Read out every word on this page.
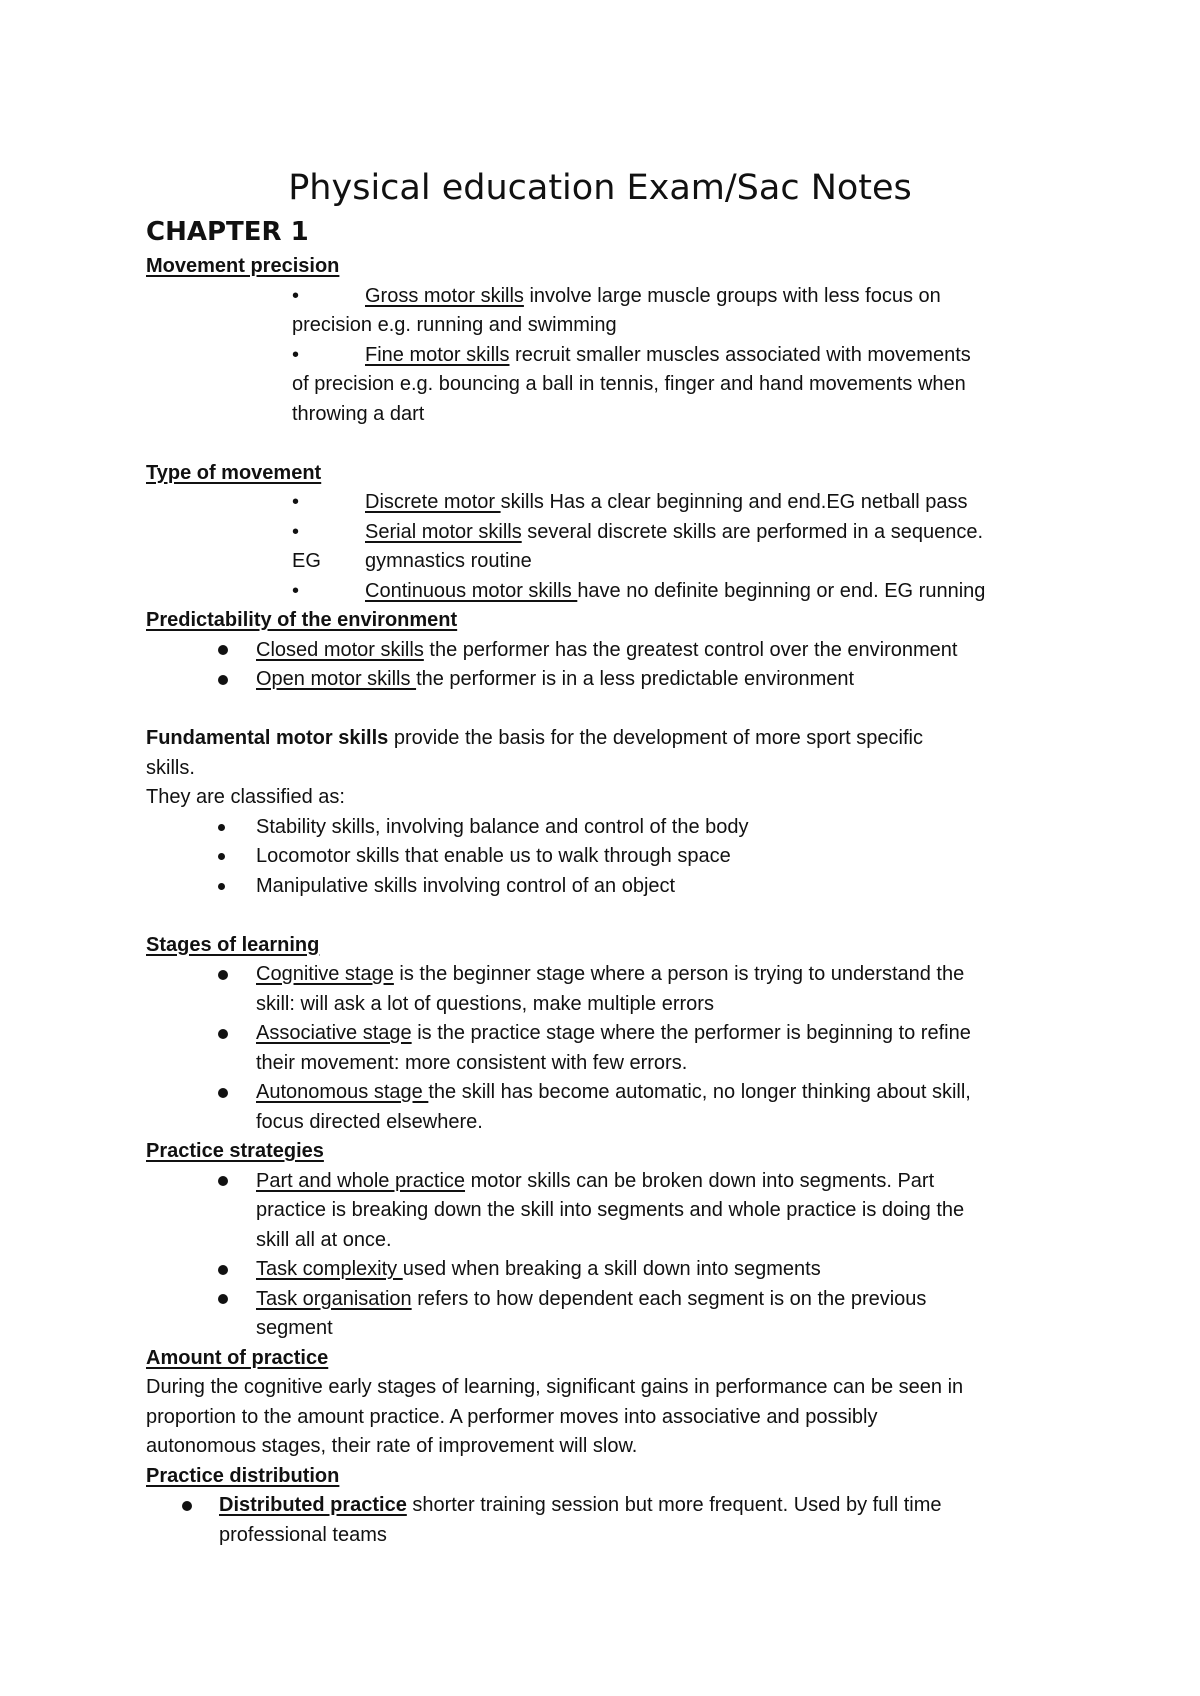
Physical education Exam/Sac Notes
CHAPTER 1

Movement precision

•	Gross motor skills involve large muscle groups with less focus on
precision e.g. running and swimming
•	Fine motor skills recruit smaller muscles associated with movements
of precision e.g. bouncing a ball in tennis, finger and hand movements when
throwing a dart

Type of movement

•	Discrete motor skills Has a clear beginning and end.EG netball pass
•	Serial motor skills several discrete skills are performed in a sequence.
EG	gymnastics routine
•	Continuous motor skills have no definite beginning or end. EG running

Predictability of the environment

Closed motor skills the performer has the greatest control over the environment
Open motor skills the performer is in a less predictable environment

Fundamental motor skills provide the basis for the development of more sport specific

skills.

They are classified as:

Stability skills, involving balance and control of the body
Locomotor skills that enable us to walk through space
Manipulative skills involving control of an object

Stages of learning

Cognitive stage is the beginner stage where a person is trying to understand the
skill: will ask a lot of questions, make multiple errors
Associative stage is the practice stage where the performer is beginning to refine
their movement: more consistent with few errors.
Autonomous stage the skill has become automatic, no longer thinking about skill,
focus directed elsewhere.

Practice strategies

Part and whole practice motor skills can be broken down into segments. Part
practice is breaking down the skill into segments and whole practice is doing the
skill all at once.
Task complexity used when breaking a skill down into segments
Task organisation refers to how dependent each segment is on the previous
segment

Amount of practice

During the cognitive early stages of learning, significant gains in performance can be seen in

proportion to the amount practice. A performer moves into associative and possibly

autonomous stages, their rate of improvement will slow.

Practice distribution

Distributed practice shorter training session but more frequent. Used by full time
professional teams
